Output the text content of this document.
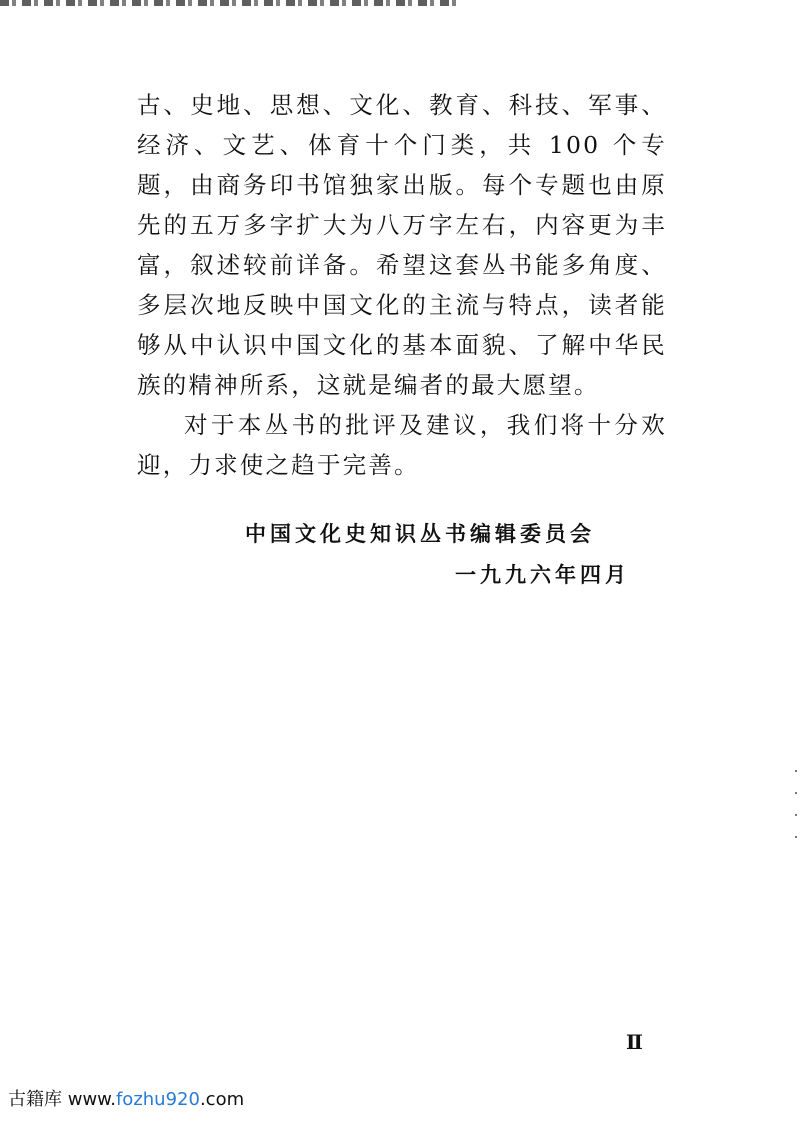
古、史地、思想、文化、教育、科技、军事、经济、文艺、体育十个门类，共 100 个专题，由商务印书馆独家出版。每个专题也由原先的五万多字扩大为八万字左右，内容更为丰富，叙述较前详备。希望这套丛书能多角度、多层次地反映中国文化的主流与特点，读者能够从中认识中国文化的基本面貌、了解中华民族的精神所系，这就是编者的最大愿望。

对于本丛书的批评及建议，我们将十分欢迎，力求使之趋于完善。

中国文化史知识丛书编辑委员会
一九九六年四月
Ⅱ
古籍库 www.fozhu920.com
